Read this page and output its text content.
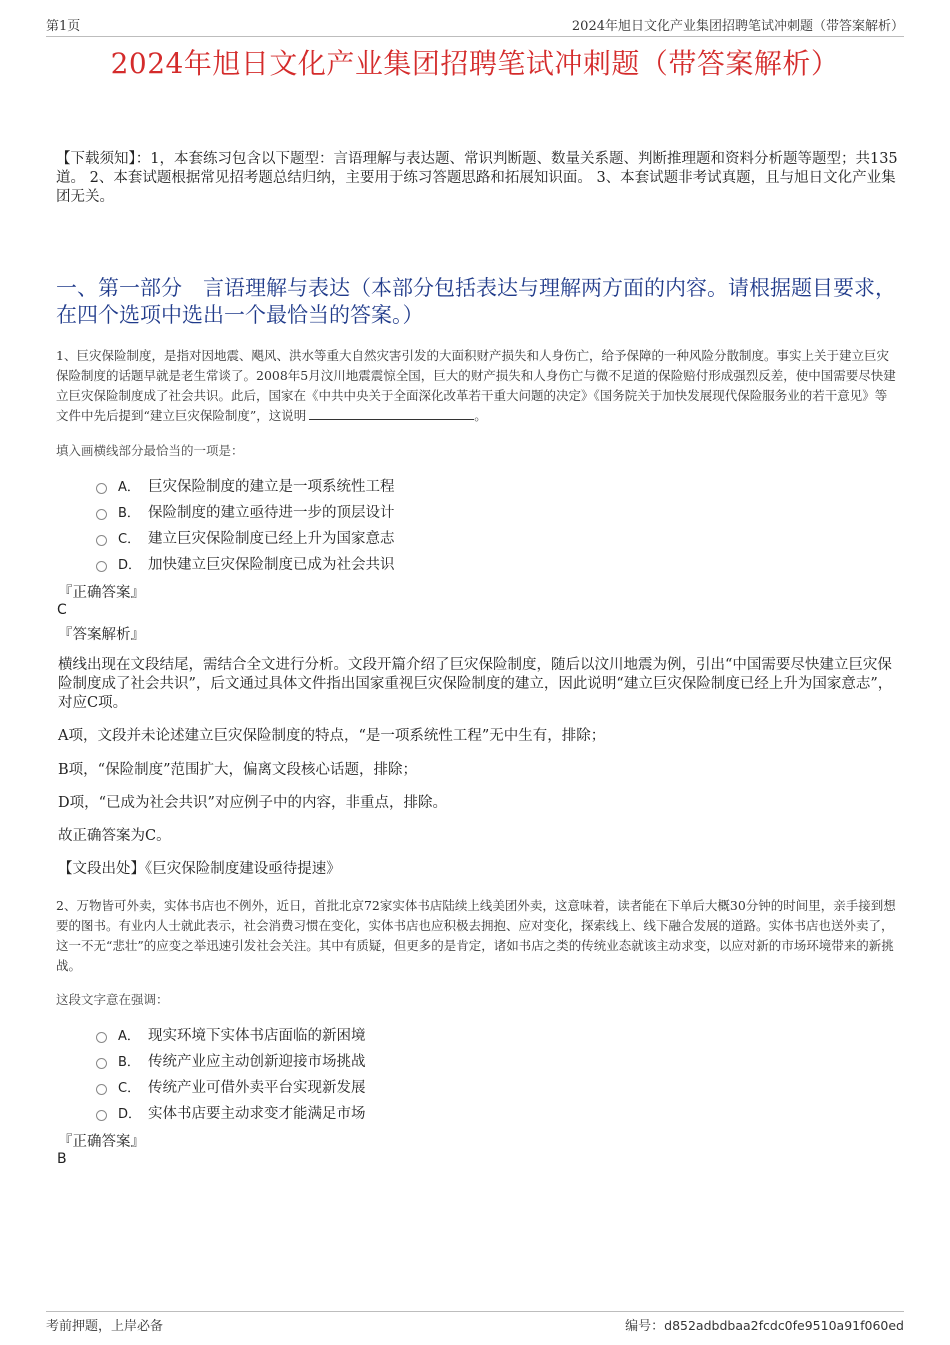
第1页	2024年旭日文化产业集团招聘笔试冲刺题（带答案解析）
2024年旭日文化产业集团招聘笔试冲刺题（带答案解析）
【下载须知】：1，本套练习包含以下题型：言语理解与表达题、常识判断题、数量关系题、判断推理题和资料分析题等题型；共135道。 2、本套试题根据常见招考题总结归纳，主要用于练习答题思路和拓展知识面。 3、本套试题非考试真题，且与旭日文化产业集团无关。
一、第一部分　言语理解与表达（本部分包括表达与理解两方面的内容。请根据题目要求，在四个选项中选出一个最恰当的答案。）
1、巨灾保险制度，是指对因地震、飓风、洪水等重大自然灾害引发的大面积财产损失和人身伤亡，给予保障的一种风险分散制度。事实上关于建立巨灾保险制度的话题早就是老生常谈了。2008年5月汶川地震震惊全国，巨大的财产损失和人身伤亡与微不足道的保险赔付形成强烈反差，使中国需要尽快建立巨灾保险制度成了社会共识。此后，国家在《中共中央关于全面深化改革若干重大问题的决定》《国务院关于加快发展现代保险服务业的若干意见》等文件中先后提到“建立巨灾保险制度”，这说明	。
填入画横线部分最恰当的一项是：
A． 巨灾保险制度的建立是一项系统性工程
B． 保险制度的建立亟待进一步的顶层设计
C． 建立巨灾保险制度已经上升为国家意志
D． 加快建立巨灾保险制度已成为社会共识
『正确答案』
C
『答案解析』
横线出现在文段结尾，需结合全文进行分析。文段开篇介绍了巨灾保险制度，随后以汶川地震为例，引出“中国需要尽快建立巨灾保险制度成了社会共识”，后文通过具体文件指出国家重视巨灾保险制度的建立，因此说明“建立巨灾保险制度已经上升为国家意志”，对应C项。
A项，文段并未论述建立巨灾保险制度的特点，“是一项系统性工程”无中生有，排除；
B项，“保险制度”范围扩大，偏离文段核心话题，排除；
D项，“已成为社会共识”对应例子中的内容，非重点，排除。
故正确答案为C。
【文段出处】《巨灾保险制度建设亟待提速》
2、万物皆可外卖，实体书店也不例外，近日，首批北京72家实体书店陆续上线美团外卖，这意味着，读者能在下单后大概30分钟的时间里，亲手接到想要的图书。有业内人士就此表示，社会消费习惯在变化，实体书店也应积极去拥抱、应对变化，探索线上、线下融合发展的道路。实体书店也送外卖了，这一不无“悲壮”的应变之举迅速引发社会关注。其中有质疑，但更多的是肯定，诸如书店之类的传统业态就该主动求变，以应对新的市场环境带来的新挑战。
这段文字意在强调：
A． 现实环境下实体书店面临的新困境
B． 传统产业应主动创新迎接市场挑战
C． 传统产业可借外卖平台实现新发展
D． 实体书店要主动求变才能满足市场
『正确答案』
B
考前押题，上岸必备	编号：d852adbdbaa2fcdc0fe9510a91f060ed
